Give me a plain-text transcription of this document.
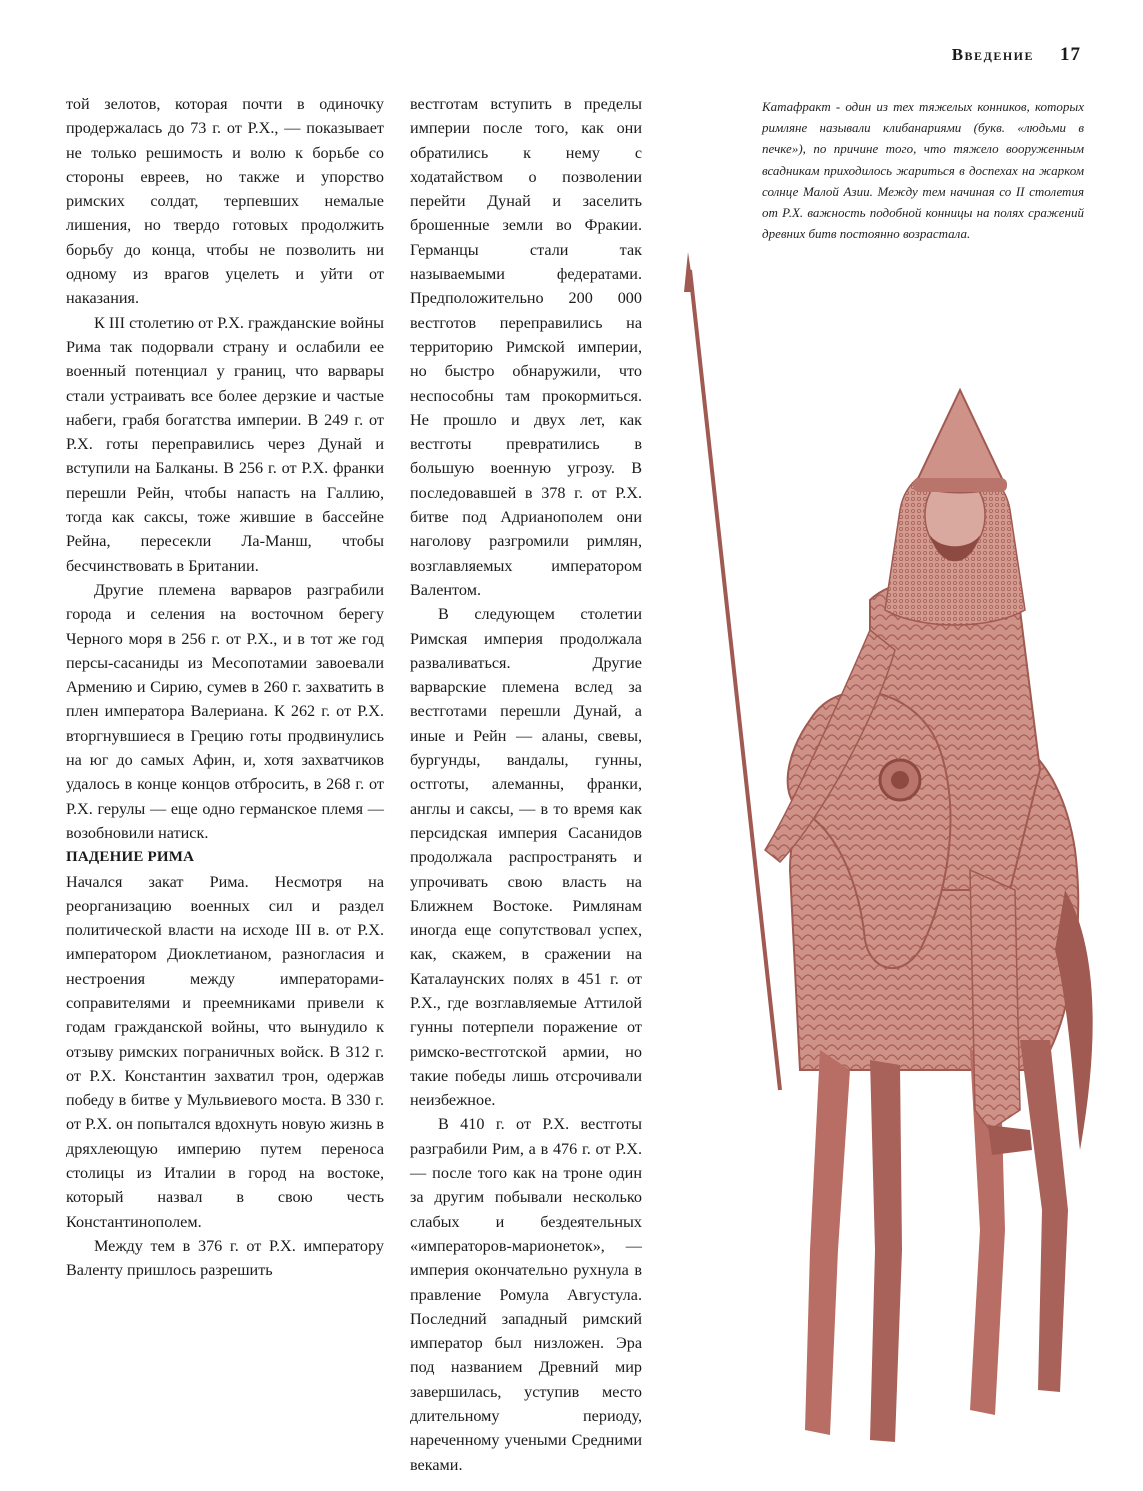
Введение 17

той зелотов, которая почти в одиночку продержалась до 73 г. от Р.Х., — показывает не только решимость и волю к борьбе со стороны евреев, но также и упорство римских солдат, терпевших немалые лишения, но твердо готовых продолжить борьбу до конца, чтобы не позволить ни одному из врагов уцелеть и уйти от наказания.

К III столетию от Р.Х. гражданские войны Рима так подорвали страну и ослабили ее военный потенциал у границ, что варвары стали устраивать все более дерзкие и частые набеги, грабя богатства империи. В 249 г. от Р.Х. готы переправились через Дунай и вступили на Балканы. В 256 г. от Р.Х. франки перешли Рейн, чтобы напасть на Галлию, тогда как саксы, тоже жившие в бассейне Рейна, пересекли Ла-Манш, чтобы бесчинствовать в Британии.

Другие племена варваров разграбили города и селения на восточном берегу Черного моря в 256 г. от Р.Х., и в тот же год персы-сасаниды из Месопотамии завоевали Армению и Сирию, сумев в 260 г. захватить в плен императора Валериана. К 262 г. от Р.Х. вторгнувшиеся в Грецию готы продвинулись на юг до самых Афин, и, хотя захватчиков удалось в конце концов отбросить, в 268 г. от Р.Х. герулы — еще одно германское племя — возобновили натиск.

ПАДЕНИЕ РИМА

Начался закат Рима. Несмотря на реорганизацию военных сил и раздел политической власти на исходе III в. от Р.Х. императором Диоклетианом, разногласия и нестроения между императорами-соправителями и преемниками привели к годам гражданской войны, что вынудило к отзыву римских пограничных войск. В 312 г. от Р.Х. Константин захватил трон, одержав победу в битве у Мульвиевого моста. В 330 г. от Р.Х. он попытался вдохнуть новую жизнь в дряхлеющую империю путем переноса столицы из Италии в город на востоке, который назвал в свою честь Константинополем.

Между тем в 376 г. от Р.Х. императору Валенту пришлось разрешить

вестготам вступить в пределы империи после того, как они обратились к нему с ходатайством о позволении перейти Дунай и заселить брошенные земли во Фракии. Германцы стали так называемыми федератами. Предположительно 200 000 вестготов переправились на территорию Римской империи, но быстро обнаружили, что неспособны там прокормиться. Не прошло и двух лет, как вестготы превратились в большую военную угрозу. В последовавшей в 378 г. от Р.Х. битве под Адрианополем они наголову разгромили римлян, возглавляемых императором Валентом.

В следующем столетии Римская империя продолжала разваливаться. Другие варварские племена вслед за вестготами перешли Дунай, а иные и Рейн — аланы, свевы, бургунды, вандалы, гунны, остготы, алеманны, франки, англы и саксы, — в то время как персидская империя Сасанидов продолжала распространять и упрочивать свою власть на Ближнем Востоке. Римлянам иногда еще сопутствовал успех, как, скажем, в сражении на Каталаунских полях в 451 г. от Р.Х., где возглавляемые Аттилой гунны потерпели поражение от римско-вестготской армии, но такие победы лишь отсрочивали неизбежное.

В 410 г. от Р.Х. вестготы разграбили Рим, а в 476 г. от Р.Х. — после того как на троне один за другим побывали несколько слабых и бездеятельных «императоров-марионеток», — империя окончательно рухнула в правление Ромула Августула. Последний западный римский император был низложен. Эра под названием Древний мир завершилась, уступив место длительному периоду, нареченному учеными Средними веками.

Катафракт - один из тех тяжелых конников, которых римляне называли клибанариями (букв. «людьми в печке»), по причине того, что тяжело вооруженным всадникам приходилось жариться в доспехах на жарком солнце Малой Азии. Между тем начиная со II столетия от Р.Х. важность подобной конницы на полях сражений древних битв постоянно возрастала.
